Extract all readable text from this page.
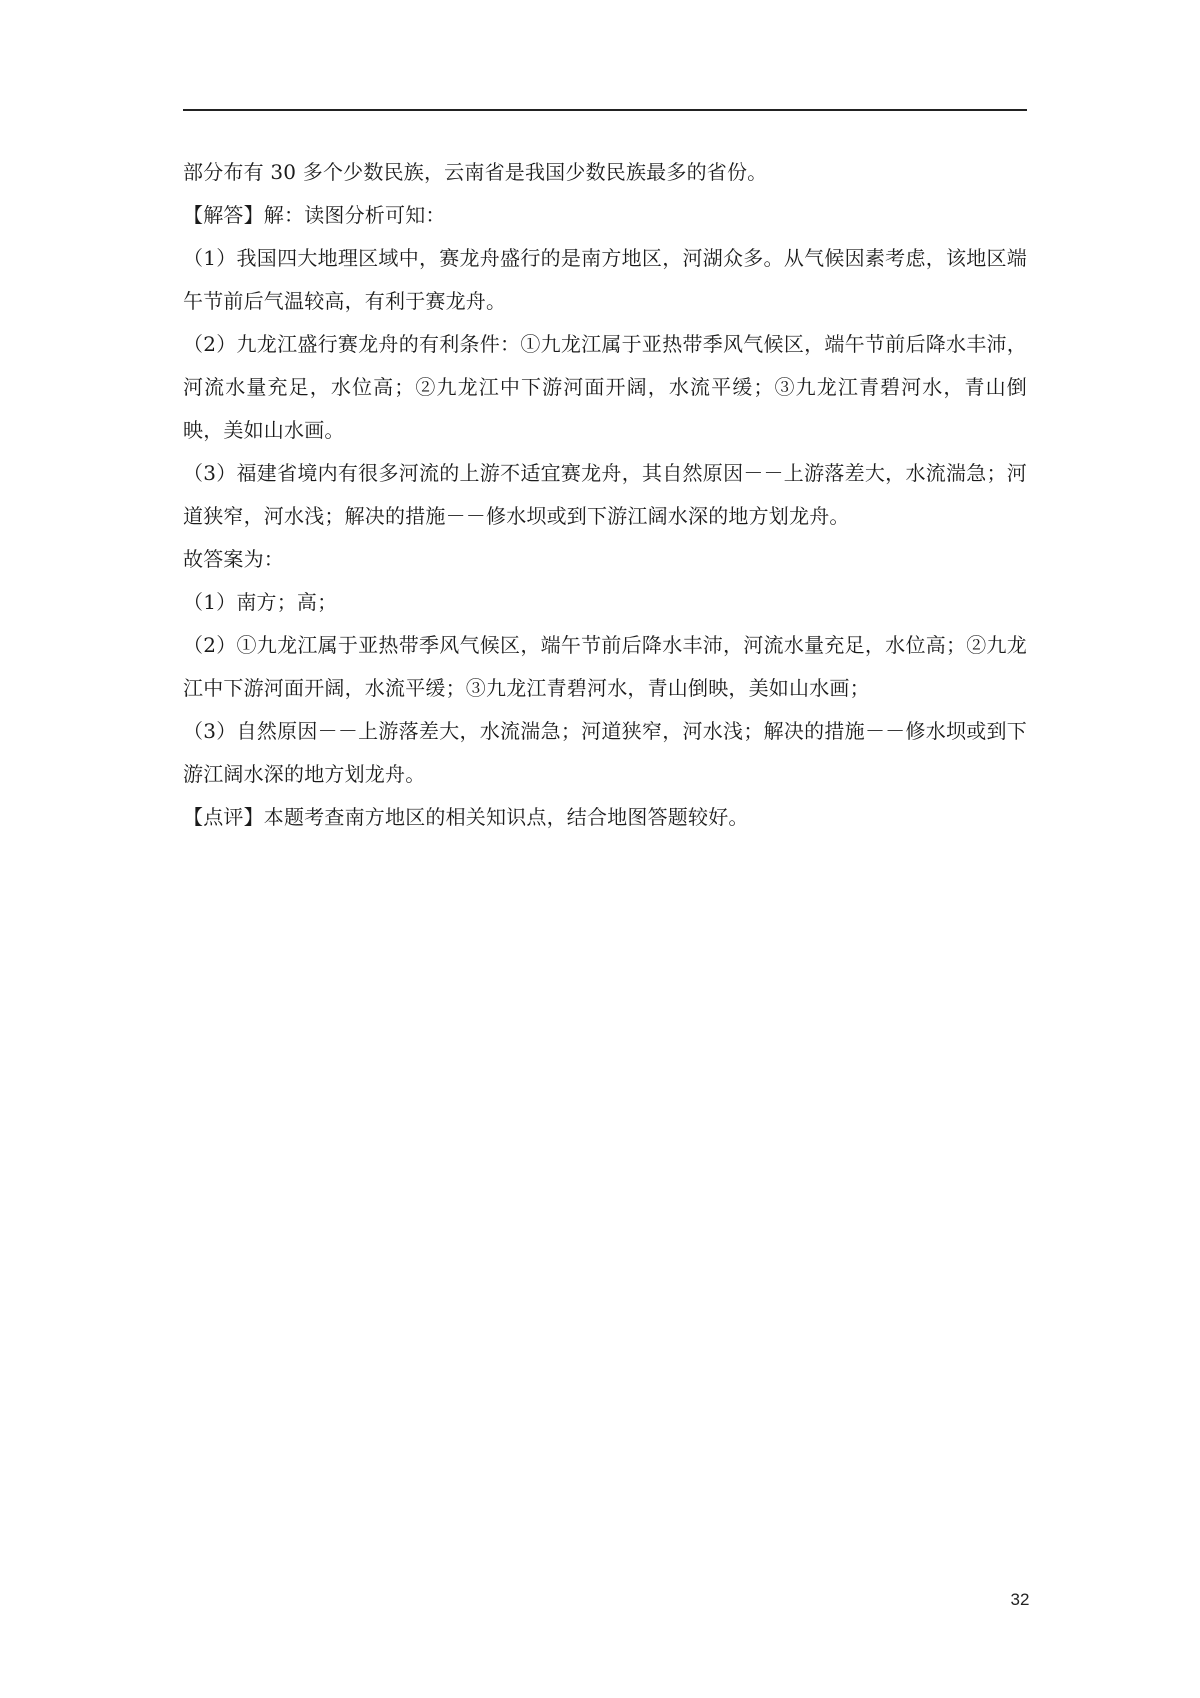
部分布有 30 多个少数民族，云南省是我国少数民族最多的省份。

【解答】解：读图分析可知：

（1）我国四大地理区域中，赛龙舟盛行的是南方地区，河湖众多。从气候因素考虑，该地区端午节前后气温较高，有利于赛龙舟。

（2）九龙江盛行赛龙舟的有利条件：①九龙江属于亚热带季风气候区，端午节前后降水丰沛，河流水量充足，水位高；②九龙江中下游河面开阔，水流平缓；③九龙江青碧河水，青山倒映，美如山水画。

（3）福建省境内有很多河流的上游不适宜赛龙舟，其自然原因－－上游落差大，水流湍急；河道狭窄，河水浅；解决的措施－－修水坝或到下游江阔水深的地方划龙舟。

故答案为：

（1）南方；高；

（2）①九龙江属于亚热带季风气候区，端午节前后降水丰沛，河流水量充足，水位高；②九龙江中下游河面开阔，水流平缓；③九龙江青碧河水，青山倒映，美如山水画；

（3）自然原因－－上游落差大，水流湍急；河道狭窄，河水浅；解决的措施－－修水坝或到下游江阔水深的地方划龙舟。

【点评】本题考查南方地区的相关知识点，结合地图答题较好。

32
